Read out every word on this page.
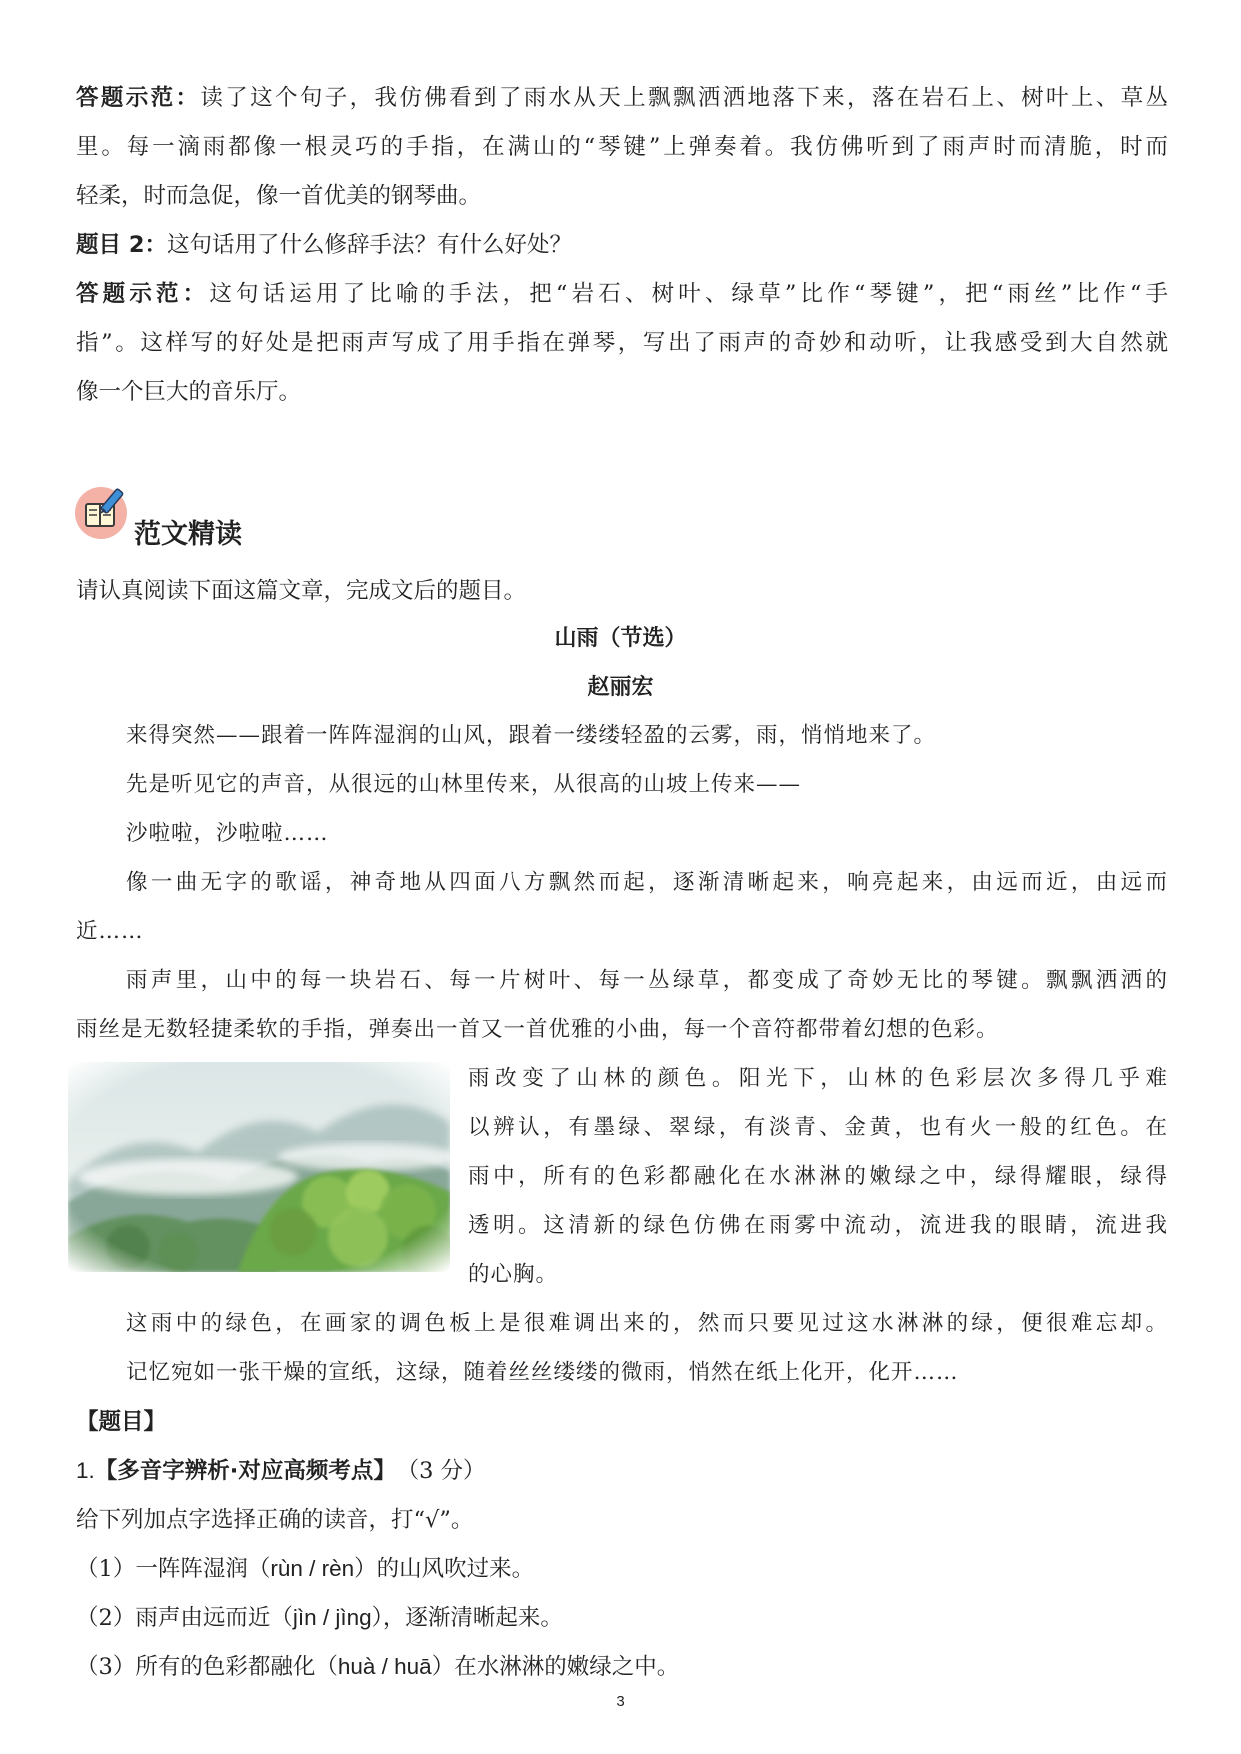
答题示范：读了这个句子，我仿佛看到了雨水从天上飘飘洒洒地落下来，落在岩石上、树叶上、草丛
里。每一滴雨都像一根灵巧的手指，在满山的“琴键”上弹奏着。我仿佛听到了雨声时而清脆，时而
轻柔，时而急促，像一首优美的钢琴曲。
题目 2：这句话用了什么修辞手法？有什么好处？
答题示范：这句话运用了比喻的手法，把“岩石、树叶、绿草”比作“琴键”，把“雨丝”比作“手
指”。这样写的好处是把雨声写成了用手指在弹琴，写出了雨声的奇妙和动听，让我感受到大自然就
像一个巨大的音乐厅。
范文精读
请认真阅读下面这篇文章，完成文后的题目。
山雨（节选）
赵丽宏
来得突然——跟着一阵阵湿润的山风，跟着一缕缕轻盈的云雾，雨，悄悄地来了。
先是听见它的声音，从很远的山林里传来，从很高的山坡上传来——
沙啦啦，沙啦啦……
像一曲无字的歌谣，神奇地从四面八方飘然而起，逐渐清晰起来，响亮起来，由远而近，由远而
近……
雨声里，山中的每一块岩石、每一片树叶、每一丛绿草，都变成了奇妙无比的琴键。飘飘洒洒的
雨丝是无数轻捷柔软的手指，弹奏出一首又一首优雅的小曲，每一个音符都带着幻想的色彩。
雨改变了山林的颜色。阳光下，山林的色彩层次多得几乎难
以辨认，有墨绿、翠绿，有淡青、金黄，也有火一般的红色。在
雨中，所有的色彩都融化在水淋淋的嫩绿之中，绿得耀眼，绿得
透明。这清新的绿色仿佛在雨雾中流动，流进我的眼睛，流进我
的心胸。
这雨中的绿色，在画家的调色板上是很难调出来的，然而只要见过这水淋淋的绿，便很难忘却。
记忆宛如一张干燥的宣纸，这绿，随着丝丝缕缕的微雨，悄然在纸上化开，化开……
【题目】
1.【多音字辨析·对应高频考点】 （3 分）
给下列加点字选择正确的读音，打“√”。
（1）一阵阵湿润（rùn / rèn）的山风吹过来。
（2）雨声由远而近（jìn / jìng），逐渐清晰起来。
（3）所有的色彩都融化（huà / huā）在水淋淋的嫩绿之中。
3
